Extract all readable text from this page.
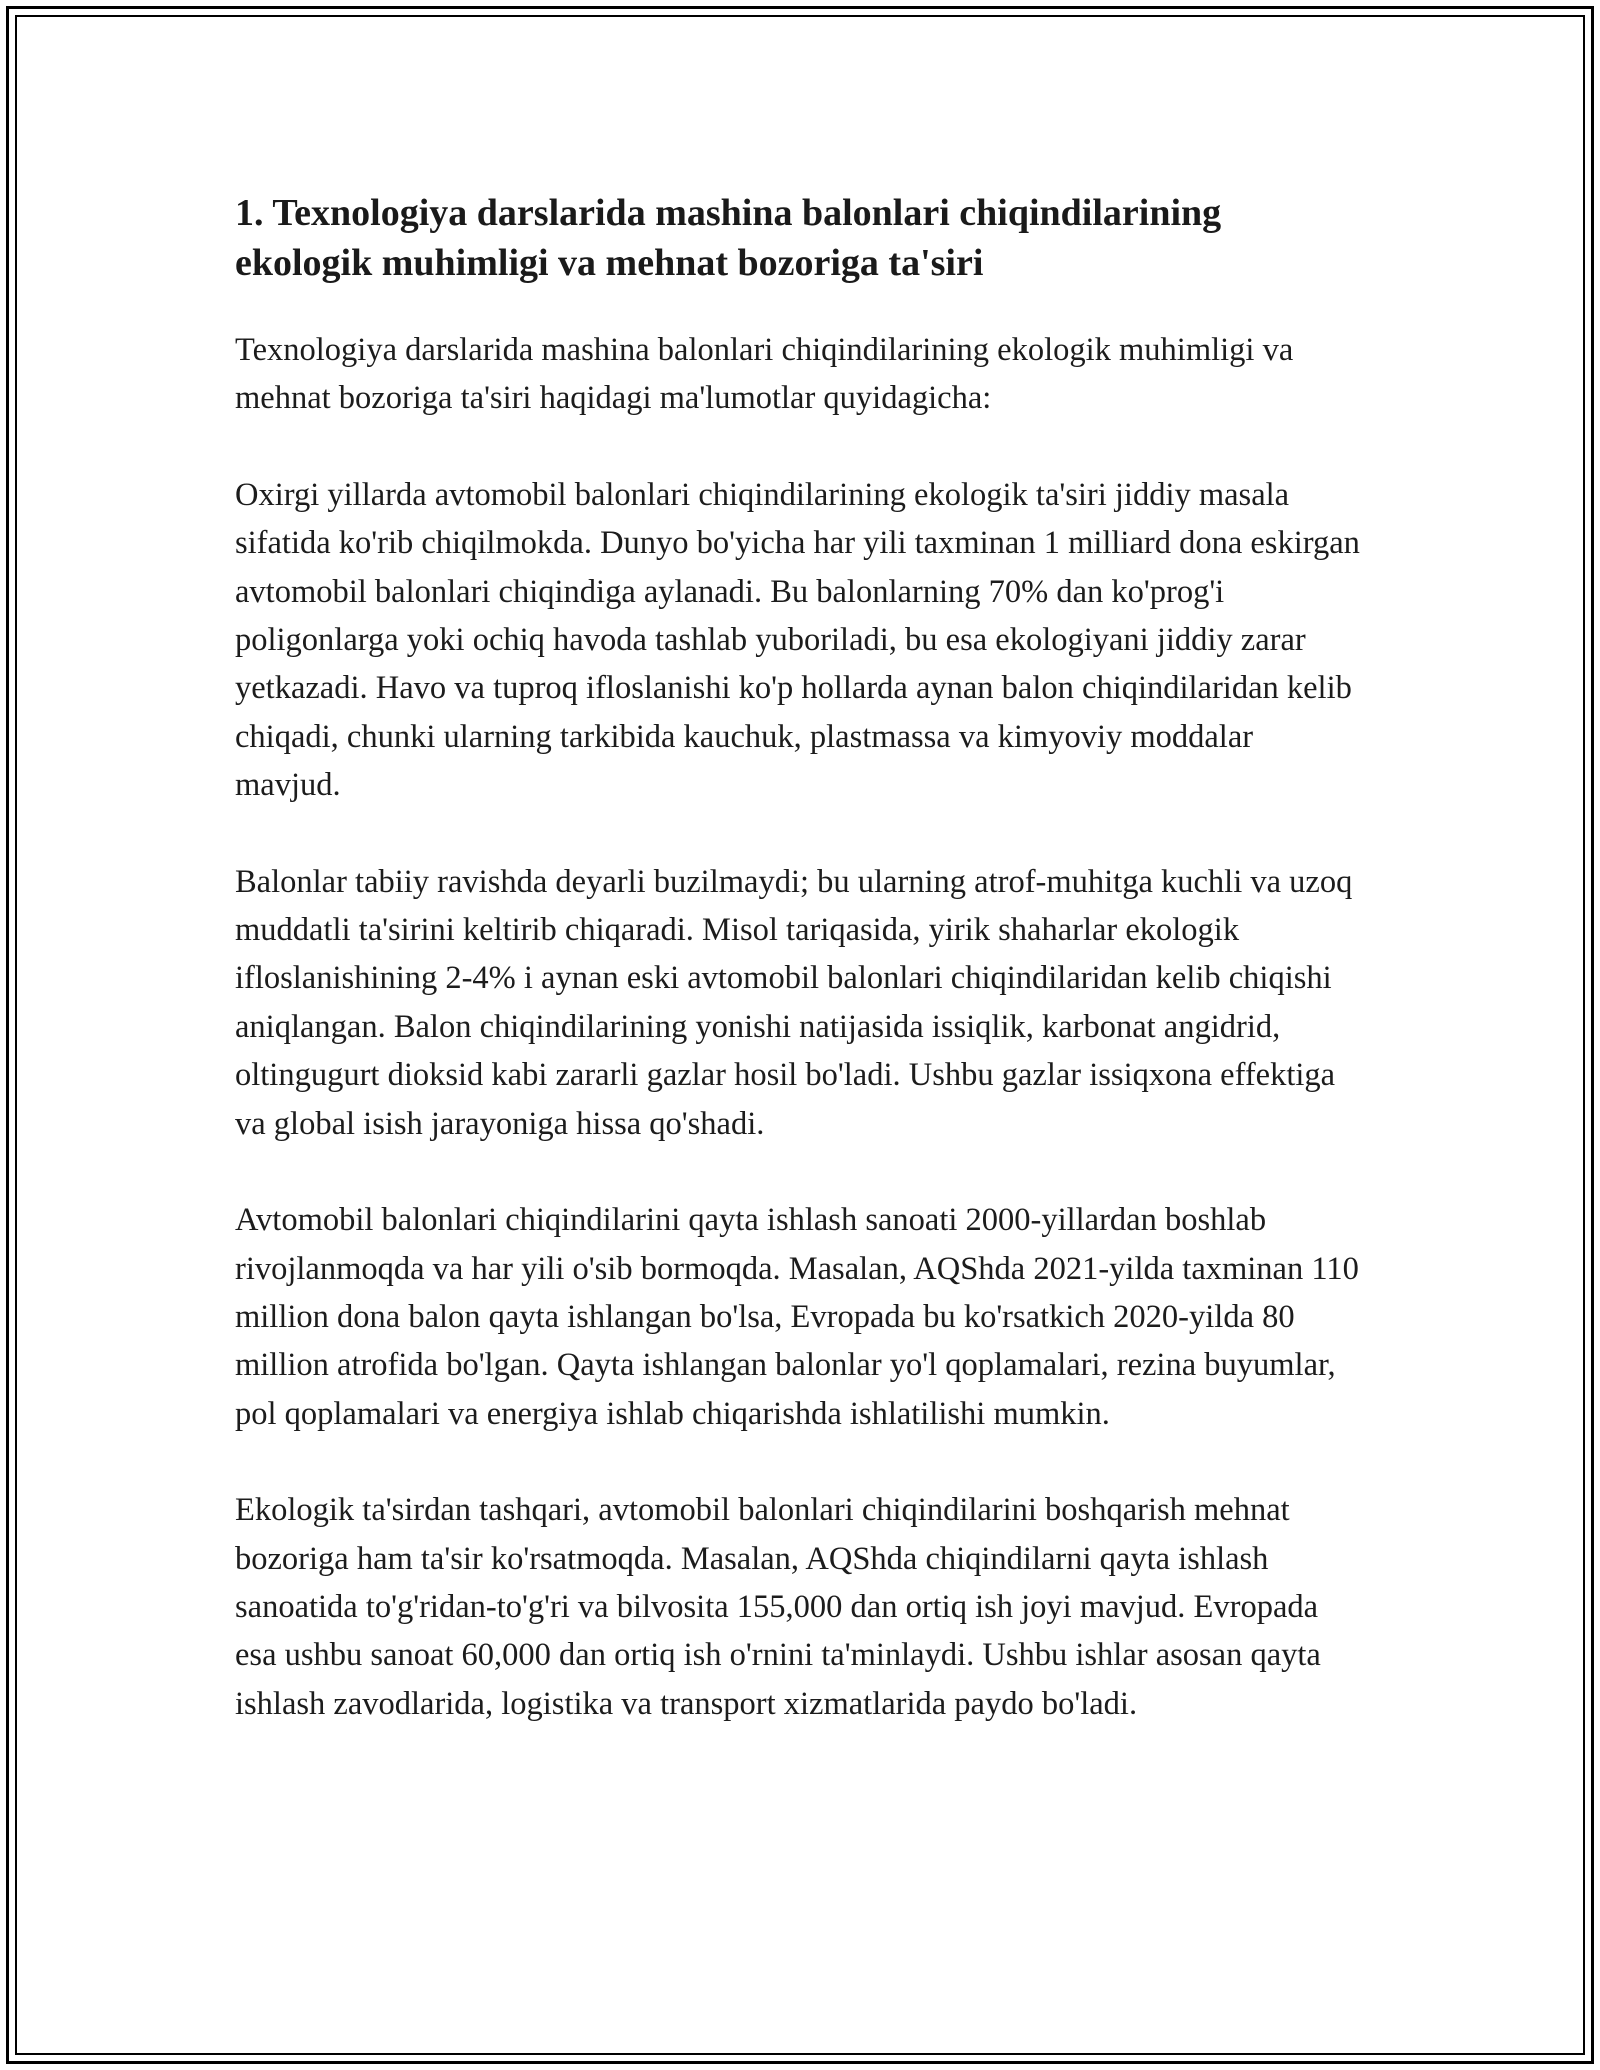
1. Texnologiya darslarida mashina balonlari chiqindilarining ekologik muhimligi va mehnat bozoriga ta'siri

Texnologiya darslarida mashina balonlari chiqindilarining ekologik muhimligi va mehnat bozoriga ta'siri haqidagi ma'lumotlar quyidagicha:

Oxirgi yillarda avtomobil balonlari chiqindilarining ekologik ta'siri jiddiy masala sifatida ko'rib chiqilmokda. Dunyo bo'yicha har yili taxminan 1 milliard dona eskirgan avtomobil balonlari chiqindiga aylanadi. Bu balonlarning 70% dan ko'prog'i poligonlarga yoki ochiq havoda tashlab yuboriladi, bu esa ekologiyani jiddiy zarar yetkazadi. Havo va tuproq ifloslanishi ko'p hollarda aynan balon chiqindilaridan kelib chiqadi, chunki ularning tarkibida kauchuk, plastmassa va kimyoviy moddalar mavjud.

Balonlar tabiiy ravishda deyarli buzilmaydi; bu ularning atrof-muhitga kuchli va uzoq muddatli ta'sirini keltirib chiqaradi. Misol tariqasida, yirik shaharlar ekologik ifloslanishining 2-4% i aynan eski avtomobil balonlari chiqindilaridan kelib chiqishi aniqlangan. Balon chiqindilarining yonishi natijasida issiqlik, karbonat angidrid, oltingugurt dioksid kabi zararli gazlar hosil bo'ladi. Ushbu gazlar issiqxona effektiga va global isish jarayoniga hissa qo'shadi.

Avtomobil balonlari chiqindilarini qayta ishlash sanoati 2000-yillardan boshlab rivojlanmoqda va har yili o'sib bormoqda. Masalan, AQShda 2021-yilda taxminan 110 million dona balon qayta ishlangan bo'lsa, Evropada bu ko'rsatkich 2020-yilda 80 million atrofida bo'lgan. Qayta ishlangan balonlar yo'l qoplamalari, rezina buyumlar, pol qoplamalari va energiya ishlab chiqarishda ishlatilishi mumkin.

Ekologik ta'sirdan tashqari, avtomobil balonlari chiqindilarini boshqarish mehnat bozoriga ham ta'sir ko'rsatmoqda. Masalan, AQShda chiqindilarni qayta ishlash sanoatida to'g'ridan-to'g'ri va bilvosita 155,000 dan ortiq ish joyi mavjud. Evropada esa ushbu sanoat 60,000 dan ortiq ish o'rnini ta'minlaydi. Ushbu ishlar asosan qayta ishlash zavodlarida, logistika va transport xizmatlarida paydo bo'ladi.
